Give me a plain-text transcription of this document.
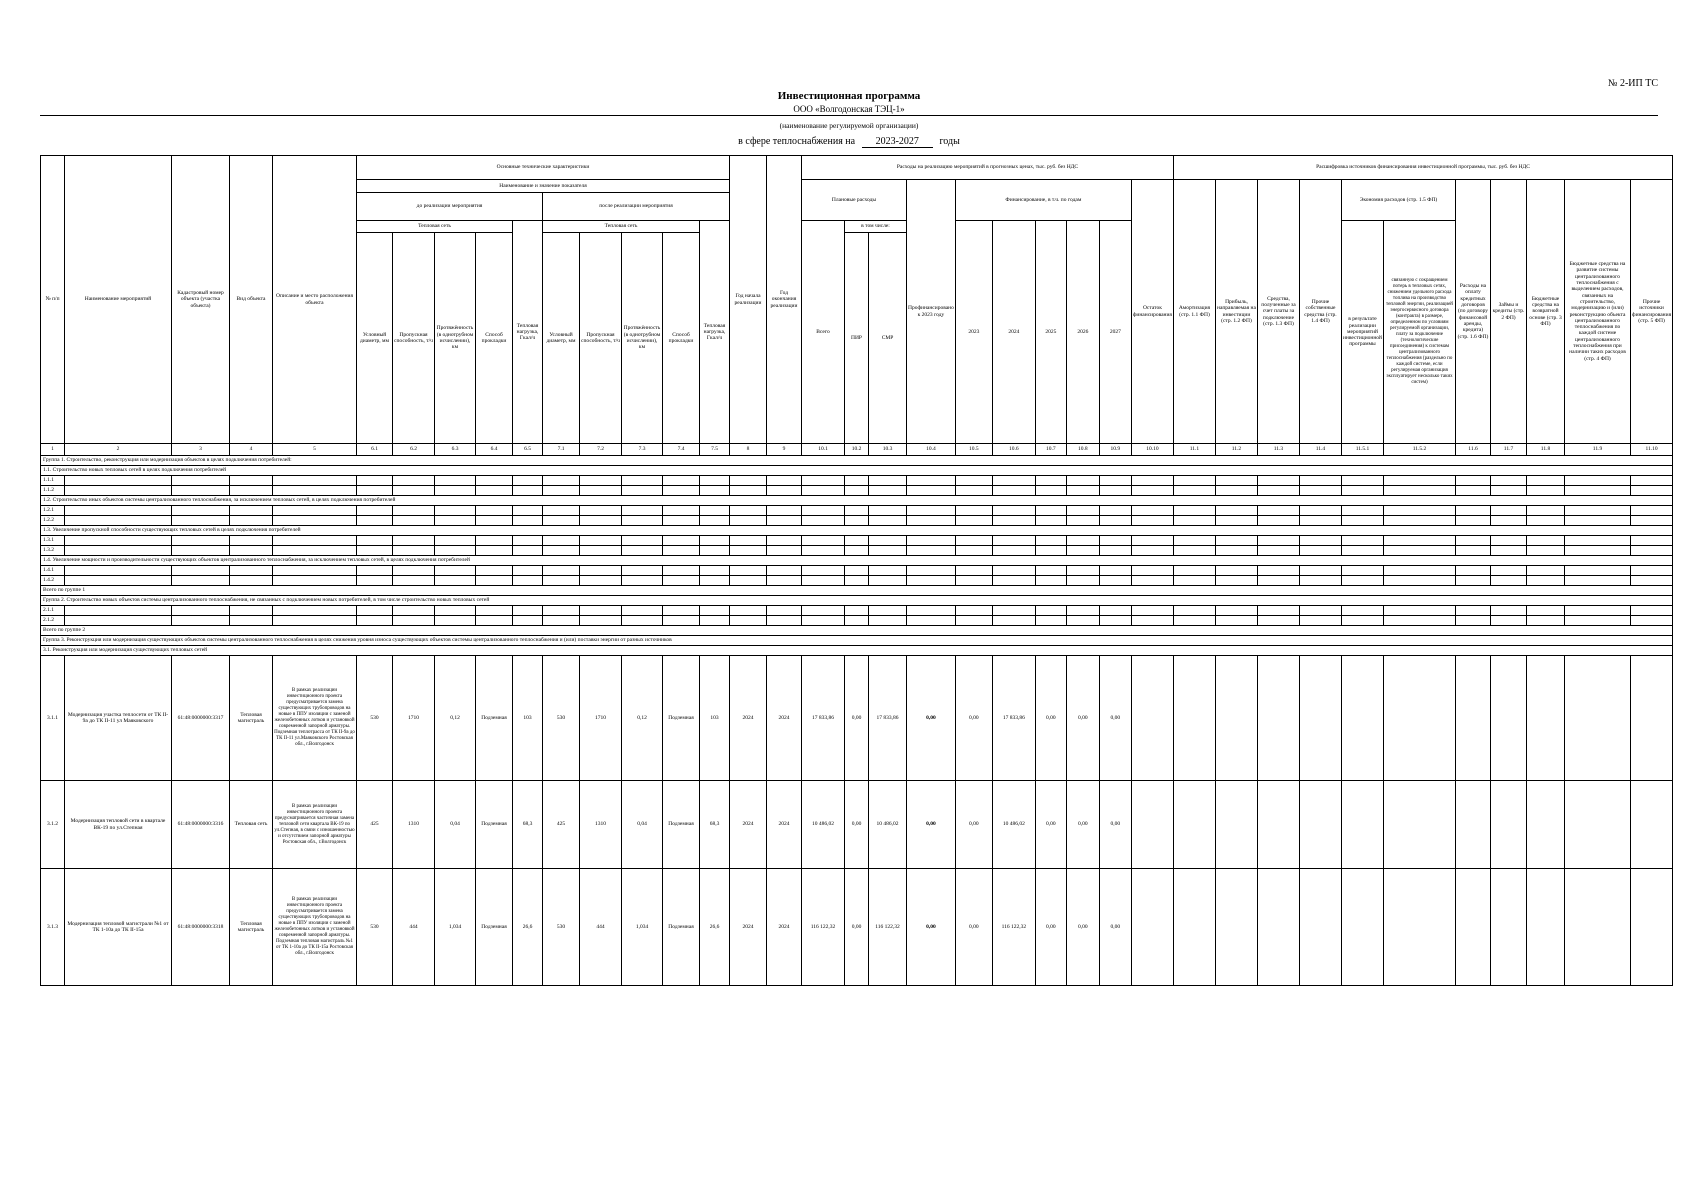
№ 2-ИП ТС
Инвестиционная программа
ООО «Волгодонская ТЭЦ-1»
(наименование регулируемой организации)
в сфере теплоснабжения на 2023-2027 годы
№ п/п	Наименование мероприятий	Кадастровый номер объекта (участка объекта)	Вид объекта	Описание и место расположения объекта	Основные технические характеристики										Год начала реализации	Год окончания реализации	Расходы на реализацию мероприятий в прогнозных ценах, тыс. руб. без НДС										Расшифровка источников финансирования инвестиционной программы, тыс. руб. без НДС										
					Наименование и значение показателя												Плановые расходы			Профинансировано к 2023 году	Финансирование, в т.ч. по годам					Остаток финансирования	Амортизация (стр. 1.1 ФП)	Прибыль, направляемая на инвестиции (стр. 1.2 ФП)	Средства, полученные за счет платы за подключение (стр. 1.3 ФП)	Прочие собственные средства (стр. 1.4 ФП)	Экономия расходов (стр. 1.5 ФП)		Расходы на оплату кредитных договоров (по договору финансовой аренды, кредита) (стр. 1.6 ФП)	Займы и кредиты (стр. 2 ФП)	Бюджетные средства на возвратной основе (стр. 3 ФП)	Бюджетные средства на развитие системы централизованного теплоснабжения с выделением расходов, связанных на строительство, модернизацию и (или) реконструкцию объекта централизованного теплоснабжения по каждой системе централизованного теплоснабжения при наличии таких расходов (стр. 4 ФП)	Прочие источники финансирования (стр. 5 ФП)
					до реализации мероприятия					после реализации мероприятия																											
					Тепловая сеть				Тепловая нагрузка, Гкал/ч	Тепловая сеть				Тепловая нагрузка, Гкал/ч			Всего	в том числе:			2023	2024	2025	2026	2027						в результате реализации мероприятий инвестиционной программы	связанную с сокращением потерь в тепловых сетях, снижением удельного расхода топлива на производство тепловой энергии, реализацией энергосервисного договора (контракта) в размере, определенном по условиям регулируемой организации, плату за подключение (технологические присоединения) к системам централизованного теплоснабжения (раздельно по каждой системе, если регулируемая организация эксплуатирует несколько таких систем)					
					Условный диаметр, мм	Пропускная способность, т/ч	Протяжённость (в однотрубном исчислении), км	Способ прокладки		Условный диаметр, мм	Пропускная способность, т/ч	Протяжённость (в однотрубном исчислении), км	Способ прокладки					ПИР	СМР																		
1	2	3	4	5	6.1	6.2	6.3	6.4	6.5	7.1	7.2	7.3	7.4	7.5	8	9	10.1	10.2	10.3	10.4	10.5	10.6	10.7	10.8	10.9	10.10	11.1	11.2	11.3	11.4	11.5.1	11.5.2	11.6	11.7	11.8	11.9	11.10
Группа 1. Строительство, реконструкция или модернизация объектов в целях подключения потребителей:																																					
1.1. Строительство новых тепловых сетей в целях подключения потребителей																																					
1.1.1																																					
1.1.2																																					
1.2. Строительство иных объектов системы централизованного теплоснабжения, за исключением тепловых сетей, в целях подключения потребителей																																					
1.2.1																																					
1.2.2																																					
1.3. Увеличение пропускной способности существующих тепловых сетей в целях подключения потребителей																																					
1.3.1																																					
1.3.2																																					
1.4. Увеличение мощности и производительности существующих объектов централизованного теплоснабжения, за исключением тепловых сетей, в целях подключения потребителей																																					
1.4.1																																					
1.4.2																																					
Всего по группе 1																																					
Группа 2. Строительство новых объектов системы централизованного теплоснабжения, не связанных с подключением новых потребителей, в том числе строительство новых тепловых сетей																																					
2.1.1																																					
2.1.2																																					
Всего по группе 2																																					
Группа 3. Реконструкция или модернизация существующих объектов системы централизованного теплоснабжения в целях снижения уровня износа существующих объектов системы централизованного теплоснабжения и (или) поставки энергии от разных источников																																					
3.1. Реконструкция или модернизация существующих тепловых сетей																																					
3.1.1	Модернизация участка теплосети от ТК II-9а до ТК II-11 ул Маяковского	61:48:0000000:3317	Тепловая магистраль	В рамках реализации инвестиционного проекта предусматривается замена существующих трубопроводов на новые в ППУ изоляции с заменой железобетонных лотков и установкой современной запорной арматуры. Подземная теплотрасса от ТК II-9а до ТК II-11 ул.Маяковского Ростовская обл., г.Волгодонск	530	1710	0,12	Подземная	103	530	1710	0,12	Подземная	103	2024	2024	17 833,86	0,00	17 833,86	0,00	0,00	17 833,86	0,00	0,00	0,00												
3.1.2	Модернизация тепловой сети в квартале ВК-19 по ул.Степная	61:48:0000000:3316	Тепловая сеть	В рамках реализации инвестиционного проекта предусматривается частичная замена тепловой сети квартала ВК-19 по ул.Степная, в связи с изношенностью и отсутствием запорной арматуры Ростовская обл., г.Волгодонск	425	1310	0,04	Подземная	68,3	425	1310	0,04	Подземная	68,3	2024	2024	10 486,02	0,00	10 486,02	0,00	0,00	10 486,02	0,00	0,00	0,00												
3.1.3	Модернизация тепловой магистрали №1 от ТК 1-10а до ТК II-15а	61:48:0000000:3318	Тепловая магистраль	В рамках реализации инвестиционного проекта предусматривается замена существующих трубопроводов на новые в ППУ изоляции с заменой железобетонных лотков и установкой современной запорной арматуры. Подземная тепловая магистраль №1 от ТК 1-10а до ТК II-15а Ростовская обл., г.Волгодонск	530	444	1,034	Подземная	26,6	530	444	1,034	Подземная	26,6	2024	2024	116 122,32	0,00	116 122,32	0,00	0,00	116 122,32	0,00	0,00	0,00												
